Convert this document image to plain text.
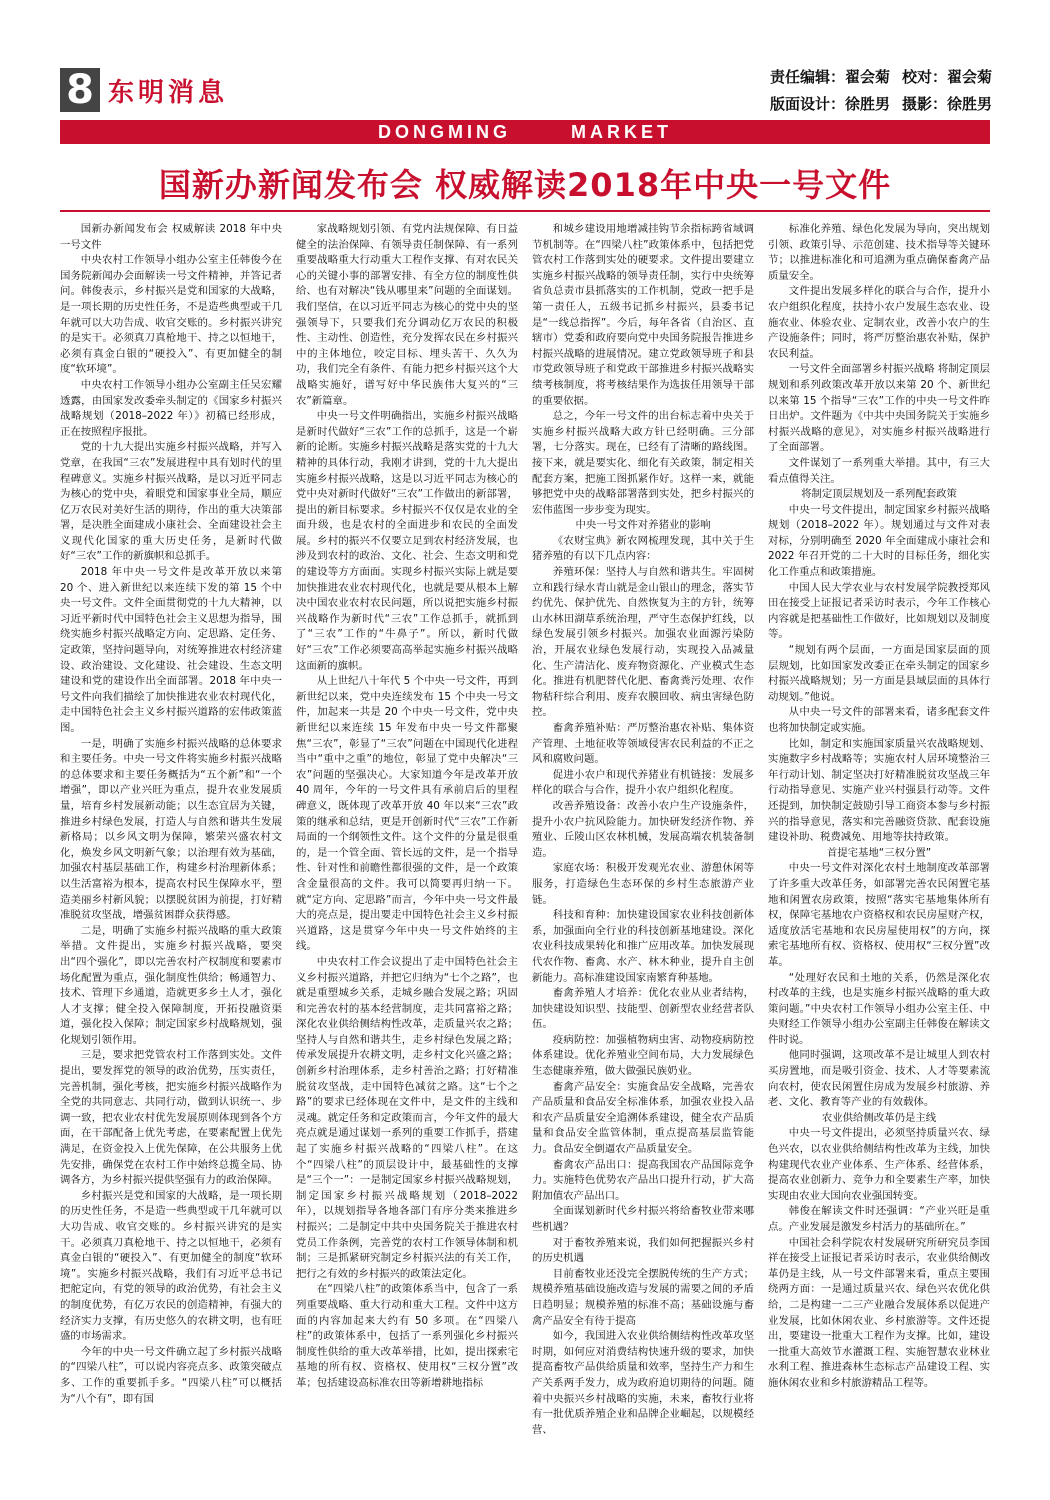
8 东明消息
责任编辑：翟会菊
版面设计：徐胜男
校对：翟会菊
摄影：徐胜男
DONGMING	MARKET
国新办新闻发布会 权威解读2018年中央一号文件

国新办新闻发布会 权威解读 2018 年中央一号文件

中央农村工作领导小组办公室主任韩俊今在国务院新闻办会面解读一号文件精神，并答记者问。韩俊表示，乡村振兴是党和国家的大战略，是一项长期的历史性任务，不是造些典型或干几年就可以大功告成、收官交账的。乡村振兴讲究的是实干。必须真刀真枪地干、持之以恒地干，必须有真金白银的“硬投入”、有更加健全的制度“软环境”。

中央农村工作领导小组办公室副主任吴宏耀透露，由国家发改委牵头制定的《国家乡村振兴战略规划（2018–2022 年）》初稿已经形成，正在按照程序报批。

党的十九大提出实施乡村振兴战略，并写入党章，在我国“三农”发展进程中具有划时代的里程碑意义。实施乡村振兴战略，是以习近平同志为核心的党中央，着眼党和国家事业全局，顺应亿万农民对美好生活的期待，作出的重大决策部署，是决胜全面建成小康社会、全面建设社会主义现代化国家的重大历史任务，是新时代做好“三农”工作的新旗帜和总抓手。

2018 年中央一号文件是改革开放以来第 20 个、进入新世纪以来连续下发的第 15 个中央一号文件。文件全面贯彻党的十九大精神，以习近平新时代中国特色社会主义思想为指导，围绕实施乡村振兴战略定方向、定思路、定任务、定政策，坚持问题导向，对统筹推进农村经济建设、政治建设、文化建设、社会建设、生态文明建设和党的建设作出全面部署。2018 年中央一号文件向我们描绘了加快推进农业农村现代化，走中国特色社会主义乡村振兴道路的宏伟政策蓝图。

一是，明确了实施乡村振兴战略的总体要求和主要任务。中央一号文件将实施乡村振兴战略的总体要求和主要任务概括为“五个新”和“一个增强”，即以产业兴旺为重点，提升农业发展质量，培育乡村发展新动能；以生态宜居为关键，推进乡村绿色发展，打造人与自然和谐共生发展新格局；以乡风文明为保障，繁荣兴盛农村文化，焕发乡风文明新气象；以治理有效为基础，加强农村基层基础工作，构建乡村治理新体系；以生活富裕为根本，提高农村民生保障水平，塑造美丽乡村新风貌；以摆脱贫困为前提，打好精准脱贫攻坚战，增强贫困群众获得感。

二是，明确了实施乡村振兴战略的重大政策举措。文件提出，实施乡村振兴战略，要突出“四个强化”，即以完善农村产权制度和要素市场化配置为重点，强化制度性供给；畅通智力、技术、管理下乡通道，造就更多乡土人才，强化人才支撑；健全投入保障制度，开拓投融资渠道，强化投入保障；制定国家乡村战略规划，强化规划引领作用。

三是，要求把党管农村工作落到实处。文件提出，要发挥党的领导的政治优势，压实责任，完善机制，强化考核，把实施乡村振兴战略作为全党的共同意志、共同行动，做到认识统一、步调一致，把农业农村优先发展原则体现到各个方面，在干部配备上优先考虑，在要素配置上优先满足，在资金投入上优先保障，在公共服务上优先安排，确保党在农村工作中始终总揽全局、协调各方，为乡村振兴提供坚强有力的政治保障。

乡村振兴是党和国家的大战略，是一项长期的历史性任务，不是造一些典型或干几年就可以大功告成、收官交账的。乡村振兴讲究的是实干。必须真刀真枪地干、持之以恒地干，必须有真金白银的“硬投入”、有更加健全的制度“软环境”。实施乡村振兴战略，我们有习近平总书记把舵定向，有党的领导的政治优势，有社会主义的制度优势，有亿万农民的创造精神，有强大的经济实力支撑，有历史悠久的农耕文明，也有旺盛的市场需求。

今年的中央一号文件确立起了乡村振兴战略的“四梁八柱”，可以说内容亮点多、政策突破点多、工作的重要抓手多。“四梁八柱”可以概括为“八个有”，即有国

家战略规划引领、有党内法规保障、有日益健全的法治保障、有领导责任制保障、有一系列重要战略重大行动重大工程作支撑、有对农民关心的关键小事的部署安排、有全方位的制度性供给、也有对解决“钱从哪里来”问题的全面谋划。我们坚信，在以习近平同志为核心的党中央的坚强领导下，只要我们充分调动亿万农民的积极性、主动性、创造性，充分发挥农民在乡村振兴中的主体地位，咬定目标、埋头苦干、久久为功，我们完全有条件、有能力把乡村振兴这个大战略实施好，谱写好中华民族伟大复兴的“三农”新篇章。

中央一号文件明确指出，实施乡村振兴战略是新时代做好“三农”工作的总抓手，这是一个崭新的论断。实施乡村振兴战略是落实党的十九大精神的具体行动，我刚才讲到，党的十九大提出实施乡村振兴战略，这是以习近平同志为核心的党中央对新时代做好“三农”工作做出的新部署，提出的新目标要求。乡村振兴不仅仅是农业的全面升级，也是农村的全面进步和农民的全面发展。乡村的振兴不仅要立足到农村经济发展，也涉及到农村的政治、文化、社会、生态文明和党的建设等方方面面。实现乡村振兴实际上就是要加快推进农业农村现代化，也就是要从根本上解决中国农业农村农民问题，所以说把实施乡村振兴战略作为新时代“三农”工作总抓手，就抓到了“三农”工作的“牛鼻子”。所以，新时代做好“三农”工作必须要高高举起实施乡村振兴战略这面新的旗帜。

从上世纪八十年代 5 个中央一号文件，再到新世纪以来，党中央连续发布 15 个中央一号文件，加起来一共是 20 个中央一号文件，党中央新世纪以来连续 15 年发布中央一号文件都聚焦“三农”，彰显了“三农”问题在中国现代化进程当中“重中之重”的地位，彰显了党中央解决“三农”问题的坚强决心。大家知道今年是改革开放 40 周年，今年的一号文件具有承前启后的里程碑意义，既体现了改革开放 40 年以来“三农”政策的继承和总结，更是开创新时代“三农”工作新局面的一个纲领性文件。这个文件的分量是很重的，是一个管全面、管长远的文件，是一个指导性、针对性和前瞻性都很强的文件，是一个政策含金量很高的文件。我可以简要再归纳一下。就“定方向、定思路”而言，今年中央一号文件最大的亮点是，提出要走中国特色社会主义乡村振兴道路，这是贯穿今年中央一号文件始终的主线。

中央农村工作会议提出了走中国特色社会主义乡村振兴道路，并把它归纳为“七个之路”，也就是重塑城乡关系，走城乡融合发展之路；巩固和完善农村的基本经营制度，走共同富裕之路；深化农业供给侧结构性改革，走质量兴农之路；坚持人与自然和谐共生，走乡村绿色发展之路；传承发展提升农耕文明，走乡村文化兴盛之路；创新乡村治理体系，走乡村善治之路；打好精准脱贫攻坚战，走中国特色减贫之路。这“七个之路”的要求已经体现在文件中，是文件的主线和灵魂。就定任务和定政策而言，今年文件的最大亮点就是通过谋划一系列的重要工作抓手，搭建起了实施乡村振兴战略的“四梁八柱”。在这个“四梁八柱”的顶层设计中，最基础性的支撑是“三个一”：一是制定国家乡村振兴战略规划，制定国家乡村振兴战略规划（2018–2022 年），以规划指导各地各部门有序分类来推进乡村振兴；二是制定中共中央国务院关于推进农村党员工作条例，完善党的农村工作领导体制和机制；三是抓紧研究制定乡村振兴法的有关工作，把行之有效的乡村振兴的政策法定化。

在“四梁八柱”的政策体系当中，包含了一系列重要战略、重大行动和重大工程。文件中这方面的内容加起来大约有 50 多项。在“四梁八柱”的政策体系中，包括了一系列强化乡村振兴制度性供给的重大改革举措，比如，提出探索宅基地的所有权、资格权、使用权“三权分置”改革；包括建设高标准农田等新增耕地指标

和城乡建设用地增减挂钩节余指标跨省域调节机制等。在“四梁八柱”政策体系中，包括把党管农村工作落到实处的硬要求。文件提出要建立实施乡村振兴战略的领导责任制，实行中央统筹省负总责市县抓落实的工作机制，党政一把手是第一责任人，五级书记抓乡村振兴，县委书记是“一线总指挥”。今后，每年各省（自治区、直辖市）党委和政府要向党中央国务院报告推进乡村振兴战略的进展情况。建立党政领导班子和县市党政领导班子和党政干部推进乡村振兴战略实绩考核制度，将考核结果作为选拔任用领导干部的重要依据。

总之，今年一号文件的出台标志着中央关于实施乡村振兴战略大政方针已经明确。三分部署，七分落实。现在，已经有了清晰的路线图。接下来，就是要实化、细化有关政策，制定相关配套方案，把施工图抓紧作好。这样一来，就能够把党中央的战略部署落到实处，把乡村振兴的宏伟蓝图一步步变为现实。

中央一号文件对养猪业的影响

《农财宝典》新农网梳理发现，其中关于生猪养殖的有以下几点内容：

养殖环保：坚持人与自然和谐共生。牢固树立和践行绿水青山就是金山银山的理念，落实节约优先、保护优先、自然恢复为主的方针，统筹山水林田湖草系统治理，严守生态保护红线，以绿色发展引领乡村振兴。加强农业面源污染防治，开展农业绿色发展行动，实现投入品减量化、生产清洁化、废弃物资源化、产业模式生态化。推进有机肥替代化肥、畜禽粪污处理、农作物秸秆综合利用、废弃农膜回收、病虫害绿色防控。

畜禽养殖补贴：严厉整治惠农补贴、集体资产管理、土地征收等领域侵害农民利益的不正之风和腐败问题。

促进小农户和现代养猪业有机链接：发展多样化的联合与合作，提升小农户组织化程度。

改善养殖设备：改善小农户生产设施条件，提升小农户抗风险能力。加快研发经济作物、养殖业、丘陵山区农林机械，发展高端农机装备制造。

家庭农场：积极开发观光农业、游憩休闲等服务，打造绿色生态环保的乡村生态旅游产业链。

科技和育种：加快建设国家农业科技创新体系，加强面向全行业的科技创新基地建设。深化农业科技成果转化和推广应用改革。加快发展现代农作物、畜禽、水产、林木种业，提升自主创新能力。高标准建设国家南繁育种基地。

畜禽养殖人才培养：优化农业从业者结构，加快建设知识型、技能型、创新型农业经营者队伍。

疫病防控：加强植物病虫害、动物疫病防控体系建设。优化养殖业空间布局，大力发展绿色生态健康养殖，做大做强民族奶业。

畜禽产品安全：实施食品安全战略，完善农产品质量和食品安全标准体系，加强农业投入品和农产品质量安全追溯体系建设，健全农产品质量和食品安全监管体制，重点提高基层监管能力。食品安全倒逼农产品质量安全。

畜禽农产品出口：提高我国农产品国际竞争力。实施特色优势农产品出口提升行动，扩大高附加值农产品出口。

全面谋划新时代乡村振兴将给畜牧业带来哪些机遇？

对于畜牧养殖来说，我们如何把握振兴乡村的历史机遇

目前畜牧业还没完全摆脱传统的生产方式；规模养殖基础设施改造与发展的需要之间的矛盾日趋明显；规模养殖的标准不高；基础设施与畜禽产品安全有待于提高

如今，我国进入农业供给侧结构性改革攻坚时期，如何应对消费结构快速升级的要求，加快提高畜牧产品供给质量和效率，坚持生产力和生产关系两手发力，成为政府迫切期待的问题。随着中央振兴乡村战略的实施，未来，畜牧行业将有一批优质养殖企业和品牌企业崛起，以规模经营、

标准化养殖、绿色化发展为导向，突出规划引领、政策引导、示范创建、技术指导等关键环节；以推进标准化和可追溯为重点确保畜禽产品质量安全。

文件提出发展多样化的联合与合作，提升小农户组织化程度，扶持小农户发展生态农业、设施农业、体验农业、定制农业，改善小农户的生产设施条件；同时，将严厉整治惠农补贴，保护农民利益。

一号文件全面部署乡村振兴战略 将制定顶层规划和系列政策改革开放以来第 20 个、新世纪以来第 15 个指导“三农”工作的中央一号文件昨日出炉。文件题为《中共中央国务院关于实施乡村振兴战略的意见》，对实施乡村振兴战略进行了全面部署。

文件谋划了一系列重大举措。其中，有三大看点值得关注。

将制定顶层规划及一系列配套政策

中央一号文件提出，制定国家乡村振兴战略规划（2018–2022 年）。规划通过与文件对表对标，分别明确至 2020 年全面建成小康社会和 2022 年召开党的二十大时的目标任务，细化实化工作重点和政策措施。

中国人民大学农业与农村发展学院教授郑风田在接受上证报记者采访时表示，今年工作核心内容就是把基础性工作做好，比如规划以及制度等。

“规划有两个层面，一方面是国家层面的顶层规划，比如国家发改委正在牵头制定的国家乡村振兴战略规划；另一方面是县域层面的具体行动规划。”他说。

从中央一号文件的部署来看，诸多配套文件也将加快制定或实施。

比如，制定和实施国家质量兴农战略规划、实施数字乡村战略等；实施农村人居环境整治三年行动计划、制定坚决打好精准脱贫攻坚战三年行动指导意见、实施产业兴村强县行动等。文件还提到，加快制定鼓励引导工商资本参与乡村振兴的指导意见，落实和完善融资贷款、配套设施建设补助、税费减免、用地等扶持政策。

首提宅基地“三权分置”

中央一号文件对深化农村土地制度改革部署了许多重大改革任务，如部署完善农民闲置宅基地和闲置农房政策，按照“落实宅基地集体所有权，保障宅基地农户资格权和农民房屋财产权，适度放活宅基地和农民房屋使用权”的方向，探索宅基地所有权、资格权、使用权“三权分置”改革。

“处理好农民和土地的关系，仍然是深化农村改革的主线，也是实施乡村振兴战略的重大政策问题。”中央农村工作领导小组办公室主任、中央财经工作领导小组办公室副主任韩俊在解读文件时说。

他同时强调，这项改革不是让城里人到农村买房置地，而是吸引资金、技术、人才等要素流向农村，使农民闲置住房成为发展乡村旅游、养老、文化、教育等产业的有效载体。

农业供给侧改革仍是主线

中央一号文件提出，必须坚持质量兴农、绿色兴农，以农业供给侧结构性改革为主线，加快构建现代农业产业体系、生产体系、经营体系，提高农业创新力、竞争力和全要素生产率，加快实现由农业大国向农业强国转变。

韩俊在解读文件时还强调：“产业兴旺是重点。产业发展是激发乡村活力的基础所在。”

中国社会科学院农村发展研究所研究员李国祥在接受上证报记者采访时表示，农业供给侧改革仍是主线，从一号文件部署来看，重点主要围绕两方面：一是通过质量兴农、绿色兴农优化供给，二是构建一二三产业融合发展体系以促进产业发展，比如休闲农业、乡村旅游等。文件还提出，要建设一批重大工程作为支撑。比如，建设一批重大高效节水灌溉工程、实施智慧农业林业水利工程、推进森林生态标志产品建设工程、实施休闲农业和乡村旅游精品工程等。
